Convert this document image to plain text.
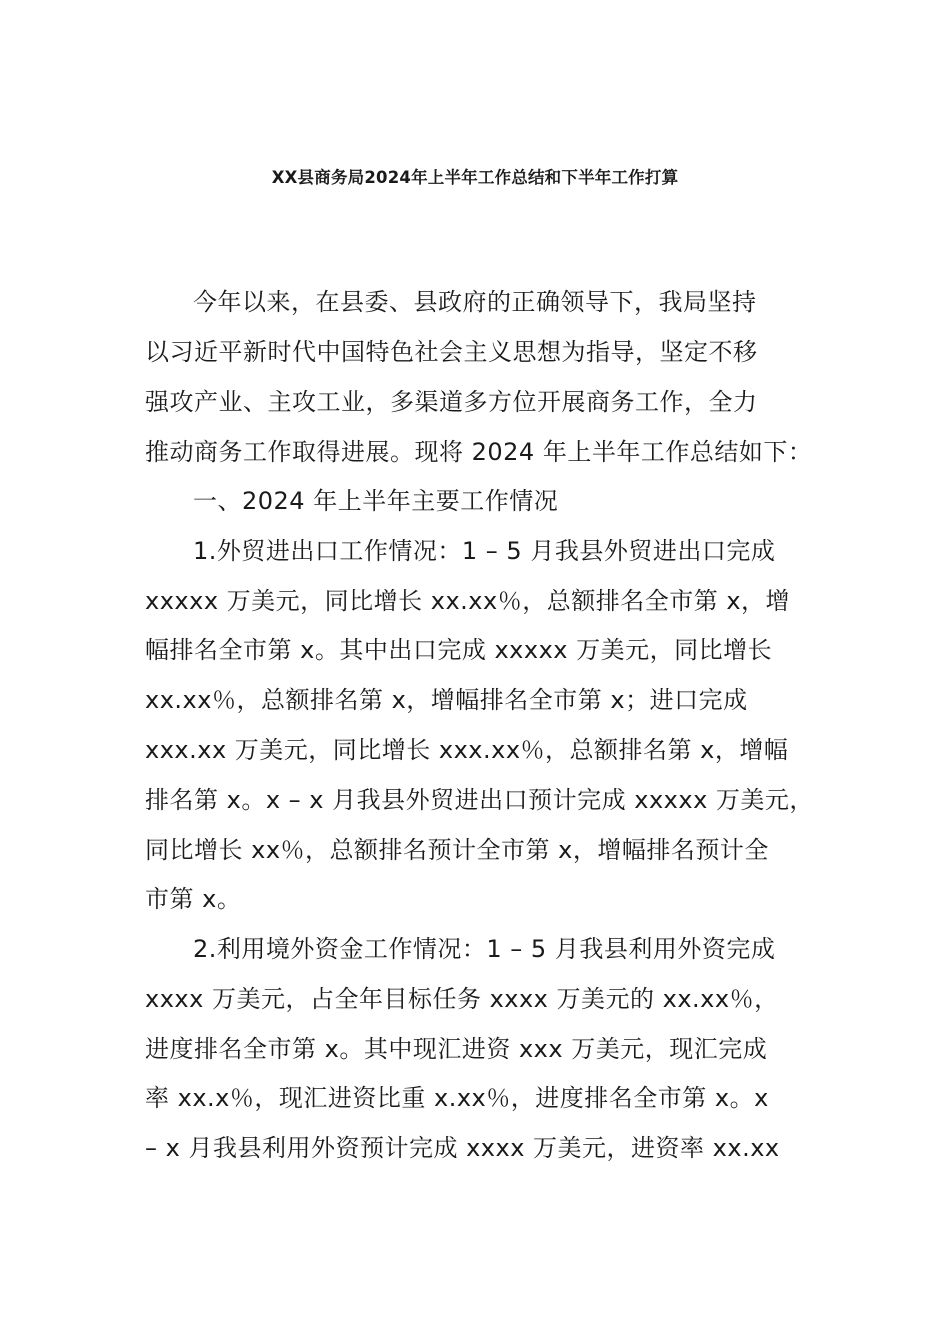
XX县商务局2024年上半年工作总结和下半年工作打算
今年以来，在县委、县政府的正确领导下，我局坚持
以习近平新时代中国特色社会主义思想为指导，坚定不移
强攻产业、主攻工业，多渠道多方位开展商务工作，全力
推动商务工作取得进展。现将 2024 年上半年工作总结如下：
一、2024 年上半年主要工作情况
1.外贸进出口工作情况：1 – 5 月我县外贸进出口完成
xxxxx 万美元，同比增长 xx.xx％，总额排名全市第 x，增
幅排名全市第 x。其中出口完成 xxxxx 万美元，同比增长
xx.xx％，总额排名第 x，增幅排名全市第 x；进口完成
xxx.xx 万美元，同比增长 xxx.xx％，总额排名第 x，增幅
排名第 x。x – x 月我县外贸进出口预计完成 xxxxx 万美元，
同比增长 xx％，总额排名预计全市第 x，增幅排名预计全
市第 x。
2.利用境外资金工作情况：1 – 5 月我县利用外资完成
xxxx 万美元，占全年目标任务 xxxx 万美元的 xx.xx％，
进度排名全市第 x。其中现汇进资 xxx 万美元，现汇完成
率 xx.x％，现汇进资比重 x.xx％，进度排名全市第 x。x
– x 月我县利用外资预计完成 xxxx 万美元，进资率 xx.xx
